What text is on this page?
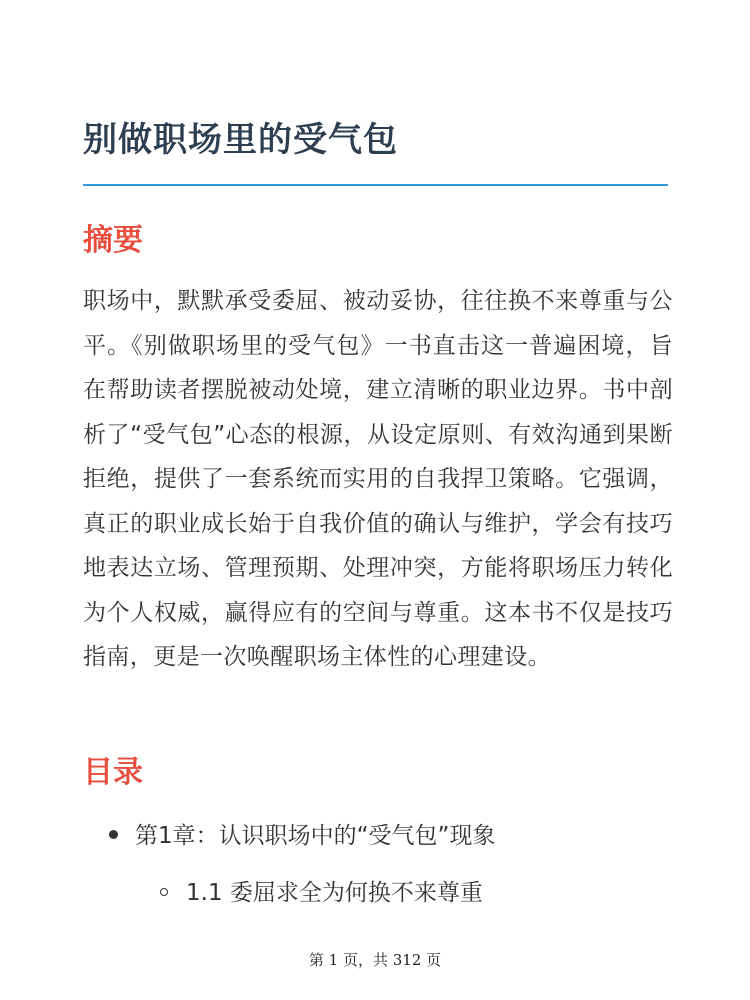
别做职场里的受气包
摘要

职场中，默默承受委屈、被动妥协，往往换不来尊重与公平。《别做职场里的受气包》一书直击这一普遍困境，旨在帮助读者摆脱被动处境，建立清晰的职业边界。书中剖析了“受气包”心态的根源，从设定原则、有效沟通到果断拒绝，提供了一套系统而实用的自我捍卫策略。它强调，真正的职业成长始于自我价值的确认与维护，学会有技巧地表达立场、管理预期、处理冲突，方能将职场压力转化为个人权威，赢得应有的空间与尊重。这本书不仅是技巧指南，更是一次唤醒职场主体性的心理建设。

目录
第1章：认识职场中的“受气包”现象
1.1 委屈求全为何换不来尊重
第 1 页，共 312 页
